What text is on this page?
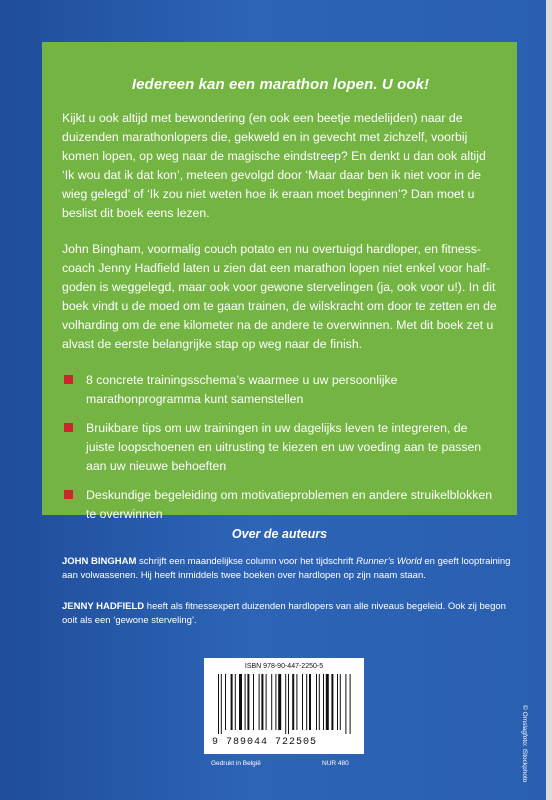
Iedereen kan een marathon lopen. U ook!

Kijkt u ook altijd met bewondering (en ook een beetje medelijden) naar de duizenden marathonlopers die, gekweld en in gevecht met zichzelf, voorbij komen lopen, op weg naar de magische eindstreep? En denkt u dan ook altijd ‘Ik wou dat ik dat kon’, meteen gevolgd door ‘Maar daar ben ik niet voor in de wieg gelegd’ of ‘Ik zou niet weten hoe ik eraan moet beginnen’? Dan moet u beslist dit boek eens lezen.

John Bingham, voormalig couch potato en nu overtuigd hardloper, en fitness-coach Jenny Hadfield laten u zien dat een marathon lopen niet enkel voor half-goden is weggelegd, maar ook voor gewone stervelingen (ja, ook voor u!). In dit boek vindt u de moed om te gaan trainen, de wilskracht om door te zetten en de volharding om de ene kilometer na de andere te overwinnen. Met dit boek zet u alvast de eerste belangrijke stap op weg naar de finish.

8 concrete trainingsschema’s waarmee u uw persoonlijke marathonprogramma kunt samenstellen
Bruikbare tips om uw trainingen in uw dagelijks leven te integreren, de juiste loopschoenen en uitrusting te kiezen en uw voeding aan te passen aan uw nieuwe behoeften
Deskundige begeleiding om motivatieproblemen en andere struikelblokken te overwinnen
Over de auteurs
JOHN BINGHAM schrijft een maandelijkse column voor het tijdschrift Runner’s World en geeft looptraining aan volwassenen. Hij heeft inmiddels twee boeken over hardlopen op zijn naam staan.
JENNY HADFIELD heeft als fitnessexpert duizenden hardlopers van alle niveaus begeleid. Ook zij begon ooit als een ‘gewone sterveling’.
ISBN 978-90-447-2250-5
9 789044 722505
Gedrukt in België	NUR 480	© Omslagfoto: iStockphoto
